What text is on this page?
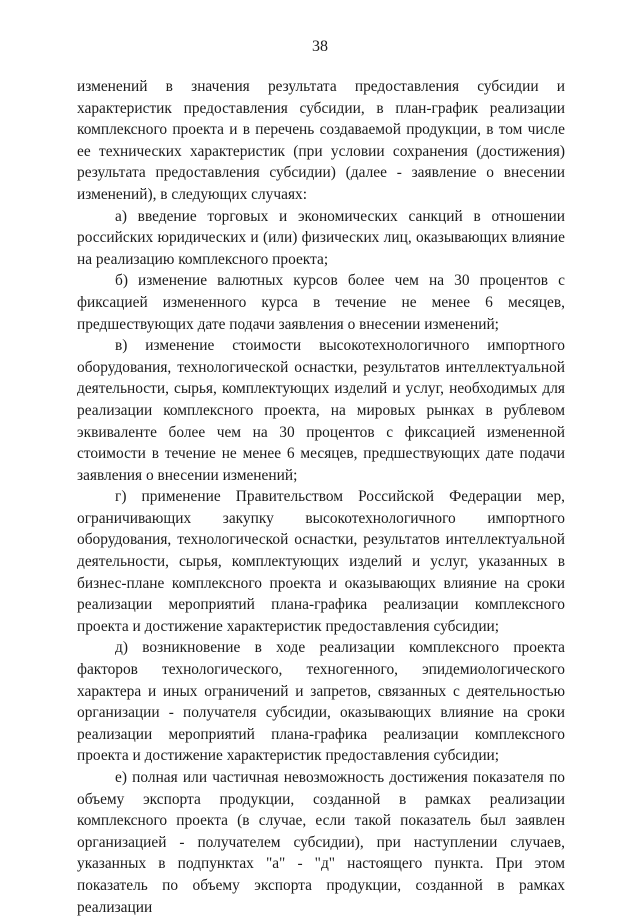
38

изменений в значения результата предоставления субсидии и характеристик предоставления субсидии, в план-график реализации комплексного проекта и в перечень создаваемой продукции, в том числе ее технических характеристик (при условии сохранения (достижения) результата предоставления субсидии) (далее - заявление о внесении изменений), в следующих случаях:

а) введение торговых и экономических санкций в отношении российских юридических и (или) физических лиц, оказывающих влияние на реализацию комплексного проекта;

б) изменение валютных курсов более чем на 30 процентов с фиксацией измененного курса в течение не менее 6 месяцев, предшествующих дате подачи заявления о внесении изменений;

в) изменение стоимости высокотехнологичного импортного оборудования, технологической оснастки, результатов интеллектуальной деятельности, сырья, комплектующих изделий и услуг, необходимых для реализации комплексного проекта, на мировых рынках в рублевом эквиваленте более чем на 30 процентов с фиксацией измененной стоимости в течение не менее 6 месяцев, предшествующих дате подачи заявления о внесении изменений;

г) применение Правительством Российской Федерации мер, ограничивающих закупку высокотехнологичного импортного оборудования, технологической оснастки, результатов интеллектуальной деятельности, сырья, комплектующих изделий и услуг, указанных в бизнес-плане комплексного проекта и оказывающих влияние на сроки реализации мероприятий плана-графика реализации комплексного проекта и достижение характеристик предоставления субсидии;

д) возникновение в ходе реализации комплексного проекта факторов технологического, техногенного, эпидемиологического характера и иных ограничений и запретов, связанных с деятельностью организации - получателя субсидии, оказывающих влияние на сроки реализации мероприятий плана-графика реализации комплексного проекта и достижение характеристик предоставления субсидии;

е) полная или частичная невозможность достижения показателя по объему экспорта продукции, созданной в рамках реализации комплексного проекта (в случае, если такой показатель был заявлен организацией - получателем субсидии), при наступлении случаев, указанных в подпунктах "а" - "д" настоящего пункта. При этом показатель по объему экспорта продукции, созданной в рамках реализации
